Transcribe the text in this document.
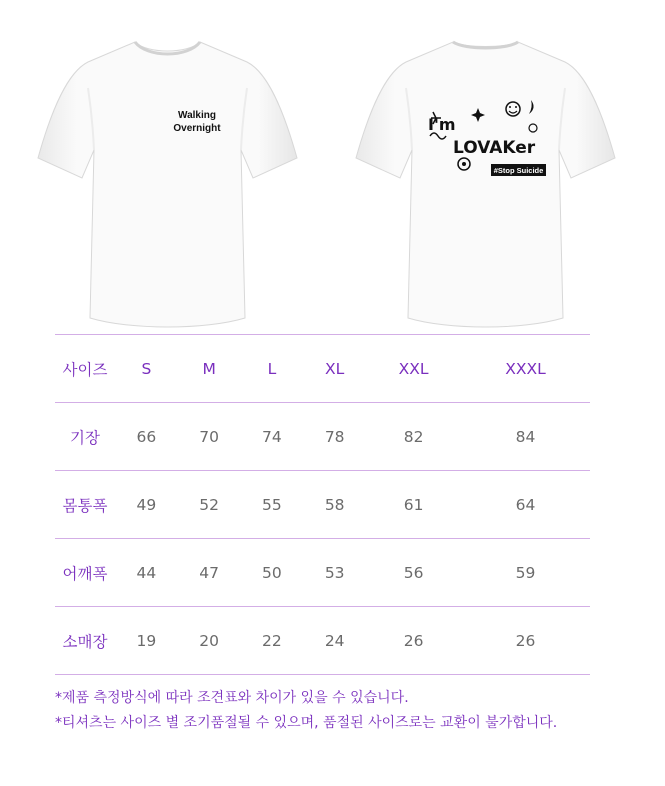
Walking
Overnight	I'm
LOVAKer
#Stop Suicide
사이즈	S	M	L	XL	XXL	XXXL
기장	66	70	74	78	82	84
몸통폭	49	52	55	58	61	64
어깨폭	44	47	50	53	56	59
소매장	19	20	22	24	26	26
*제품 측정방식에 따라 조견표와 차이가 있을 수 있습니다.
*티셔츠는 사이즈 별 조기품절될 수 있으며, 품절된 사이즈로는 교환이 불가합니다.
